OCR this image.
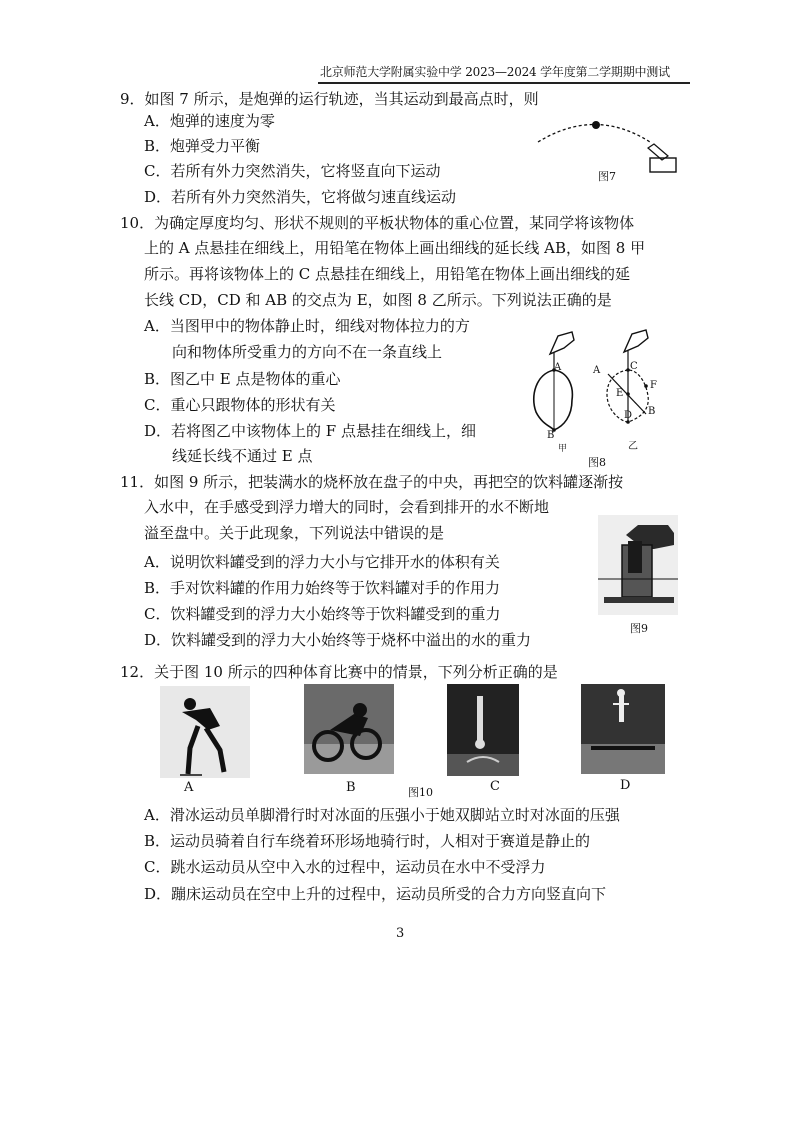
北京师范大学附属实验中学 2023—2024 学年度第二学期期中测试
9．如图 7 所示，是炮弹的运行轨迹，当其运动到最高点时，则
A．炮弹的速度为零
B．炮弹受力平衡
C．若所有外力突然消失，它将竖直向下运动
D．若所有外力突然消失，它将做匀速直线运动
图7
10．为确定厚度均匀、形状不规则的平板状物体的重心位置，某同学将该物体
上的 A 点悬挂在细线上，用铅笔在物体上画出细线的延长线 AB，如图 8 甲
所示。再将该物体上的 C 点悬挂在细线上，用铅笔在物体上画出细线的延
长线 CD，CD 和 AB 的交点为 E，如图 8 乙所示。下列说法正确的是
A．当图甲中的物体静止时，细线对物体拉力的方
向和物体所受重力的方向不在一条直线上
B．图乙中 E 点是物体的重心
C．重心只跟物体的形状有关
D．若将图乙中该物体上的 F 点悬挂在细线上，细
线延长线不通过 E 点
A
B
甲
A	C
E
F
D B
乙
图8
11．如图 9 所示，把装满水的烧杯放在盘子的中央，再把空的饮料罐逐渐按
入水中，在手感受到浮力增大的同时，会看到排开的水不断地
溢至盘中。关于此现象，下列说法中错误的是
A．说明饮料罐受到的浮力大小与它排开水的体积有关
B．手对饮料罐的作用力始终等于饮料罐对手的作用力
C．饮料罐受到的浮力大小始终等于饮料罐受到的重力
D．饮料罐受到的浮力大小始终等于烧杯中溢出的水的重力
图9
12．关于图 10 所示的四种体育比赛中的情景，下列分析正确的是
A	B	图10	C	D
A．滑冰运动员单脚滑行时对冰面的压强小于她双脚站立时对冰面的压强
B．运动员骑着自行车绕着环形场地骑行时，人相对于赛道是静止的
C．跳水运动员从空中入水的过程中，运动员在水中不受浮力
D．蹦床运动员在空中上升的过程中，运动员所受的合力方向竖直向下
3
